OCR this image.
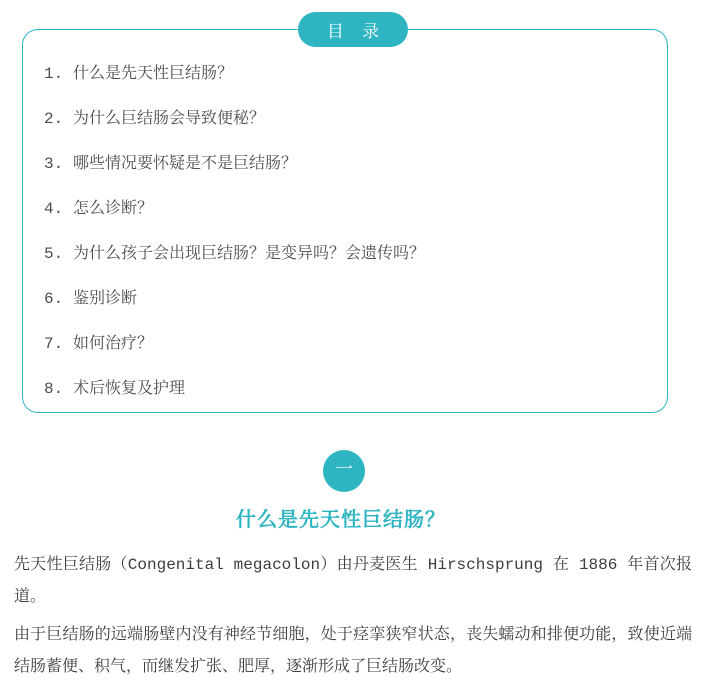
1. 什么是先天性巨结肠？
2. 为什么巨结肠会导致便秘？
3. 哪些情况要怀疑是不是巨结肠？
4. 怎么诊断？
5. 为什么孩子会出现巨结肠？是变异吗？会遗传吗？
6. 鉴别诊断
7. 如何治疗？
8. 术后恢复及护理
目 录
一
什么是先天性巨结肠？

先天性巨结肠（Congenital megacolon）由丹麦医生 Hirschsprung 在 1886 年首次报道。

由于巨结肠的远端肠壁内没有神经节细胞，处于痉挛狭窄状态，丧失蠕动和排便功能，致使近端结肠蓄便、积气，而继发扩张、肥厚，逐渐形成了巨结肠改变。
